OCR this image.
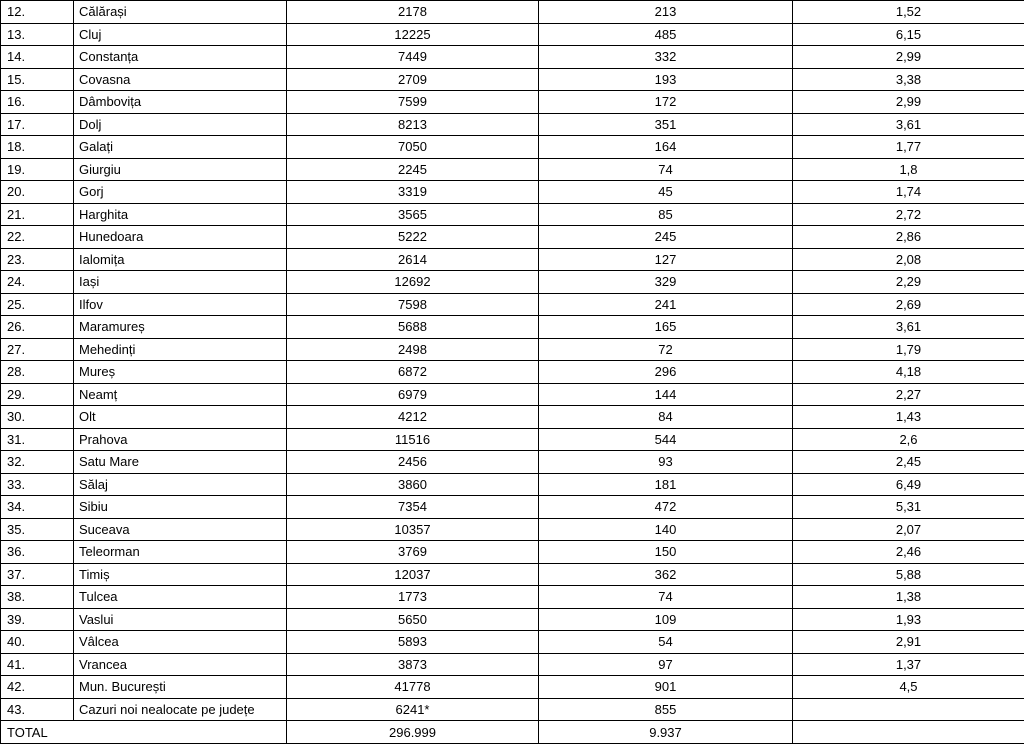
12.	Călărași	2178	213	1,52
13.	Cluj	12225	485	6,15
14.	Constanța	7449	332	2,99
15.	Covasna	2709	193	3,38
16.	Dâmbovița	7599	172	2,99
17.	Dolj	8213	351	3,61
18.	Galați	7050	164	1,77
19.	Giurgiu	2245	74	1,8
20.	Gorj	3319	45	1,74
21.	Harghita	3565	85	2,72
22.	Hunedoara	5222	245	2,86
23.	Ialomița	2614	127	2,08
24.	Iași	12692	329	2,29
25.	Ilfov	7598	241	2,69
26.	Maramureș	5688	165	3,61
27.	Mehedinți	2498	72	1,79
28.	Mureș	6872	296	4,18
29.	Neamț	6979	144	2,27
30.	Olt	4212	84	1,43
31.	Prahova	11516	544	2,6
32.	Satu Mare	2456	93	2,45
33.	Sălaj	3860	181	6,49
34.	Sibiu	7354	472	5,31
35.	Suceava	10357	140	2,07
36.	Teleorman	3769	150	2,46
37.	Timiș	12037	362	5,88
38.	Tulcea	1773	74	1,38
39.	Vaslui	5650	109	1,93
40.	Vâlcea	5893	54	2,91
41.	Vrancea	3873	97	1,37
42.	Mun. București	41778	901	4,5
43.	Cazuri noi nealocate pe județe	6241*	855	
TOTAL		296.999	9.937	
